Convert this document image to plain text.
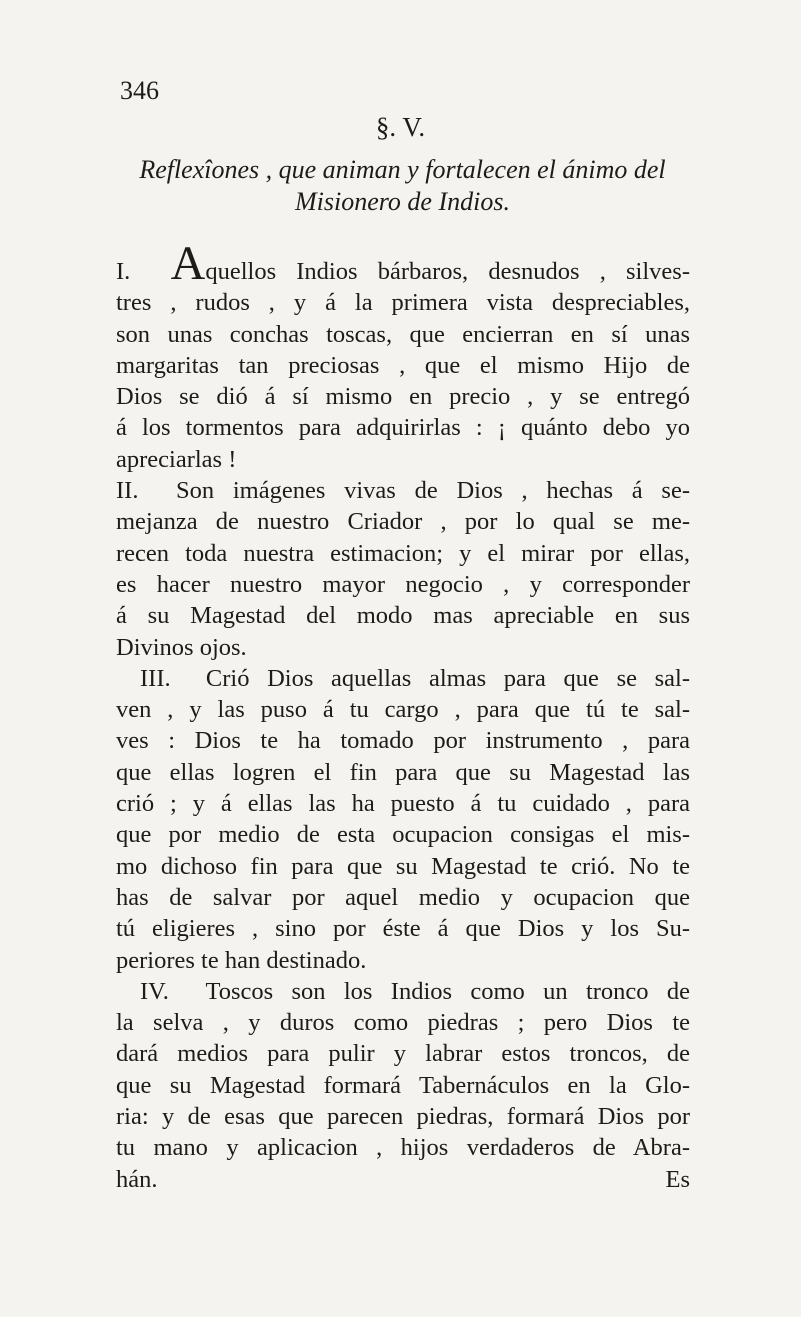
346
§. V.
Reflexîones , que animan y fortalecen el ánimo del
Misionero de Indios.
I. Aquellos Indios bárbaros, desnudos , silves-
tres , rudos , y á la primera vista despreciables,
son unas conchas toscas, que encierran en sí unas
margaritas tan preciosas , que el mismo Hijo de
Dios se dió á sí mismo en precio , y se entregó
á los tormentos para adquirirlas : ¡ quánto debo yo
apreciarlas !
II. Son imágenes vivas de Dios , hechas á se-
mejanza de nuestro Criador , por lo qual se me-
recen toda nuestra estimacion; y el mirar por ellas,
es hacer nuestro mayor negocio , y corresponder
á su Magestad del modo mas apreciable en sus
Divinos ojos.
III. Crió Dios aquellas almas para que se sal-
ven , y las puso á tu cargo , para que tú te sal-
ves : Dios te ha tomado por instrumento , para
que ellas logren el fin para que su Magestad las
crió ; y á ellas las ha puesto á tu cuidado , para
que por medio de esta ocupacion consigas el mis-
mo dichoso fin para que su Magestad te crió. No te
has de salvar por aquel medio y ocupacion que
tú eligieres , sino por éste á que Dios y los Su-
periores te han destinado.
IV. Toscos son los Indios como un tronco de
la selva , y duros como piedras ; pero Dios te
dará medios para pulir y labrar estos troncos, de
que su Magestad formará Tabernáculos en la Glo-
ria: y de esas que parecen piedras, formará Dios por
tu mano y aplicacion , hijos verdaderos de Abra-
hán.	Es
